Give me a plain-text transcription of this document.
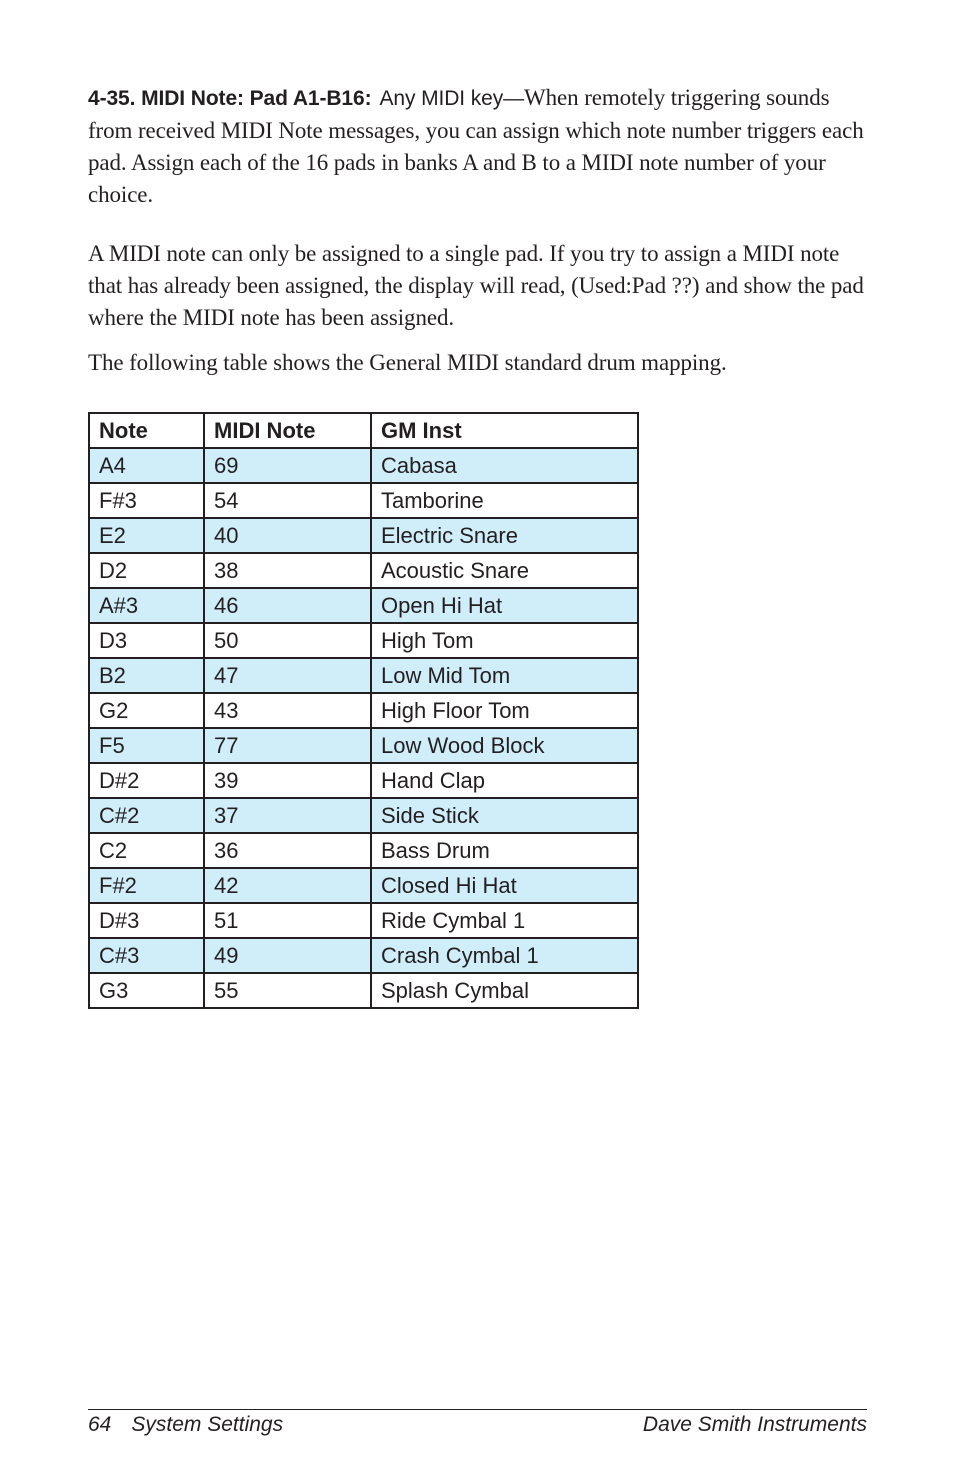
4-35. MIDI Note: Pad A1-B16: Any MIDI key—When remotely triggering sounds from received MIDI Note messages, you can assign which note number triggers each pad. Assign each of the 16 pads in banks A and B to a MIDI note number of your choice.

A MIDI note can only be assigned to a single pad. If you try to assign a MIDI note that has already been assigned, the display will read, (Used:Pad ??) and show the pad where the MIDI note has been assigned.

The following table shows the General MIDI standard drum mapping.

Note	MIDI Note	GM Inst
A4	69	Cabasa
F#3	54	Tamborine
E2	40	Electric Snare
D2	38	Acoustic Snare
A#3	46	Open Hi Hat
D3	50	High Tom
B2	47	Low Mid Tom
G2	43	High Floor Tom
F5	77	Low Wood Block
D#2	39	Hand Clap
C#2	37	Side Stick
C2	36	Bass Drum
F#2	42	Closed Hi Hat
D#3	51	Ride Cymbal 1
C#3	49	Crash Cymbal 1
G3	55	Splash Cymbal
64 System Settings	Dave Smith Instruments
